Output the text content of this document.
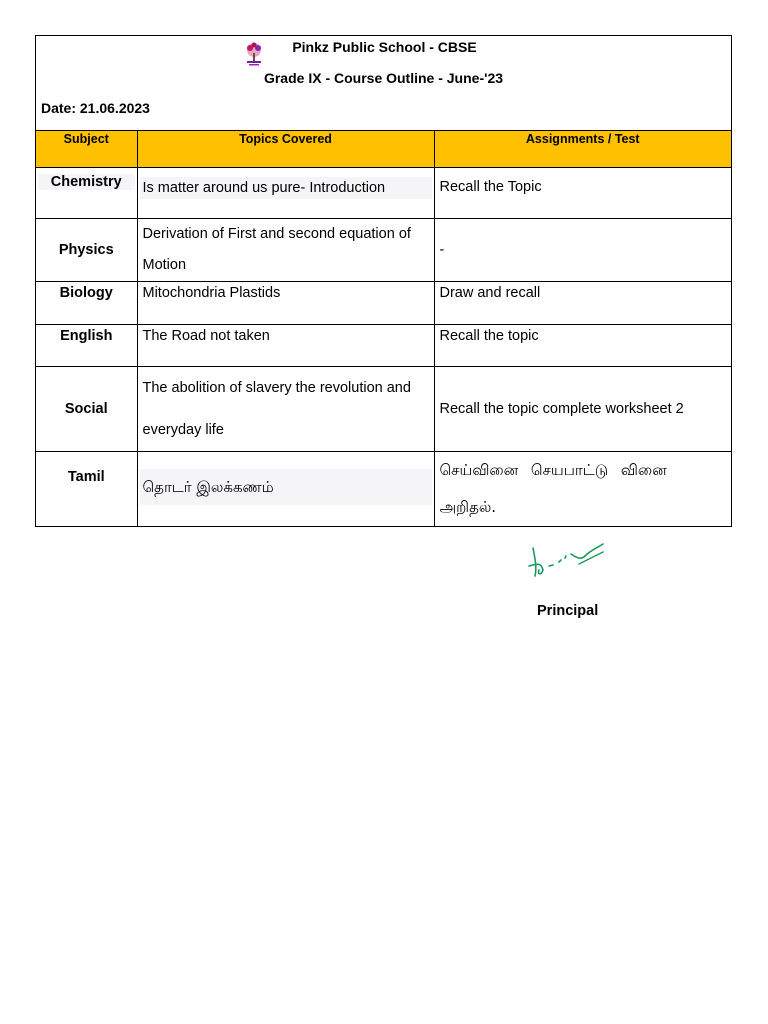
Pinkz Public School - CBSE
Grade IX - Course Outline - June-'23
Date: 21.06.2023
Subject	Topics Covered	Assignments / Test

Chemistry	Is matter around us pure- Introduction	Recall the Topic
Physics	Derivation of First and second equation of Motion	-
Biology	Mitochondria Plastids	Draw and recall
English	The Road not taken	Recall the topic
Social	The abolition of slavery the revolution and everyday life	Recall the topic complete worksheet 2
Tamil	தொடர் இலக்கணம்	செய்வினை செயபாட்டு வினை அறிதல்.
Principal
